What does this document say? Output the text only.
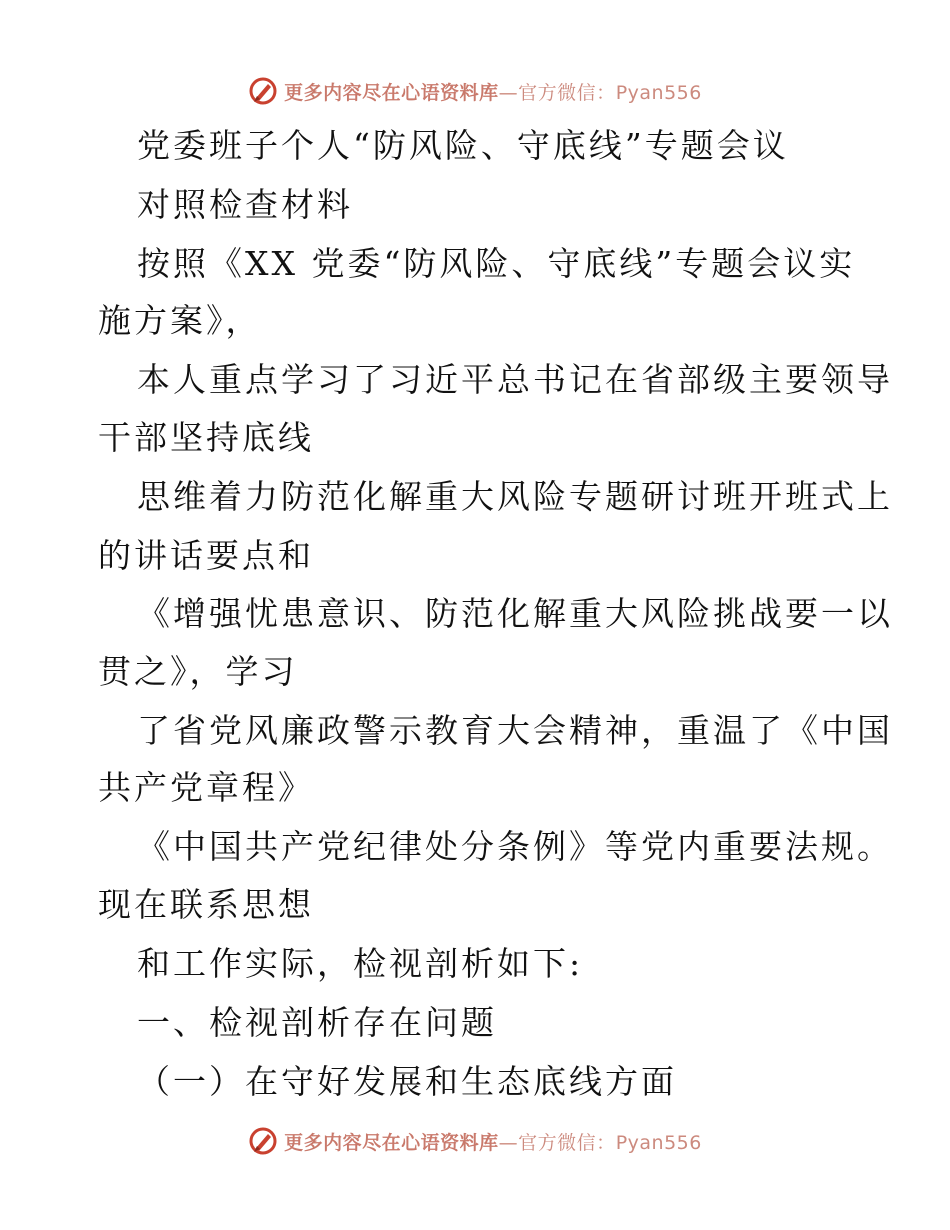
更多内容尽在心语资料库—官方微信：Pyan556
党委班子个人“防风险、守底线”专题会议
对照检查材料
按照《XX 党委“防风险、守底线”专题会议实
施方案》，
本人重点学习了习近平总书记在省部级主要领导
干部坚持底线
思维着力防范化解重大风险专题研讨班开班式上
的讲话要点和
《增强忧患意识、防范化解重大风险挑战要一以
贯之》，学习
了省党风廉政警示教育大会精神，重温了《中国
共产党章程》
《中国共产党纪律处分条例》等党内重要法规。
现在联系思想
和工作实际，检视剖析如下:
一、检视剖析存在问题
（一）在守好发展和生态底线方面
更多内容尽在心语资料库—官方微信：Pyan556
